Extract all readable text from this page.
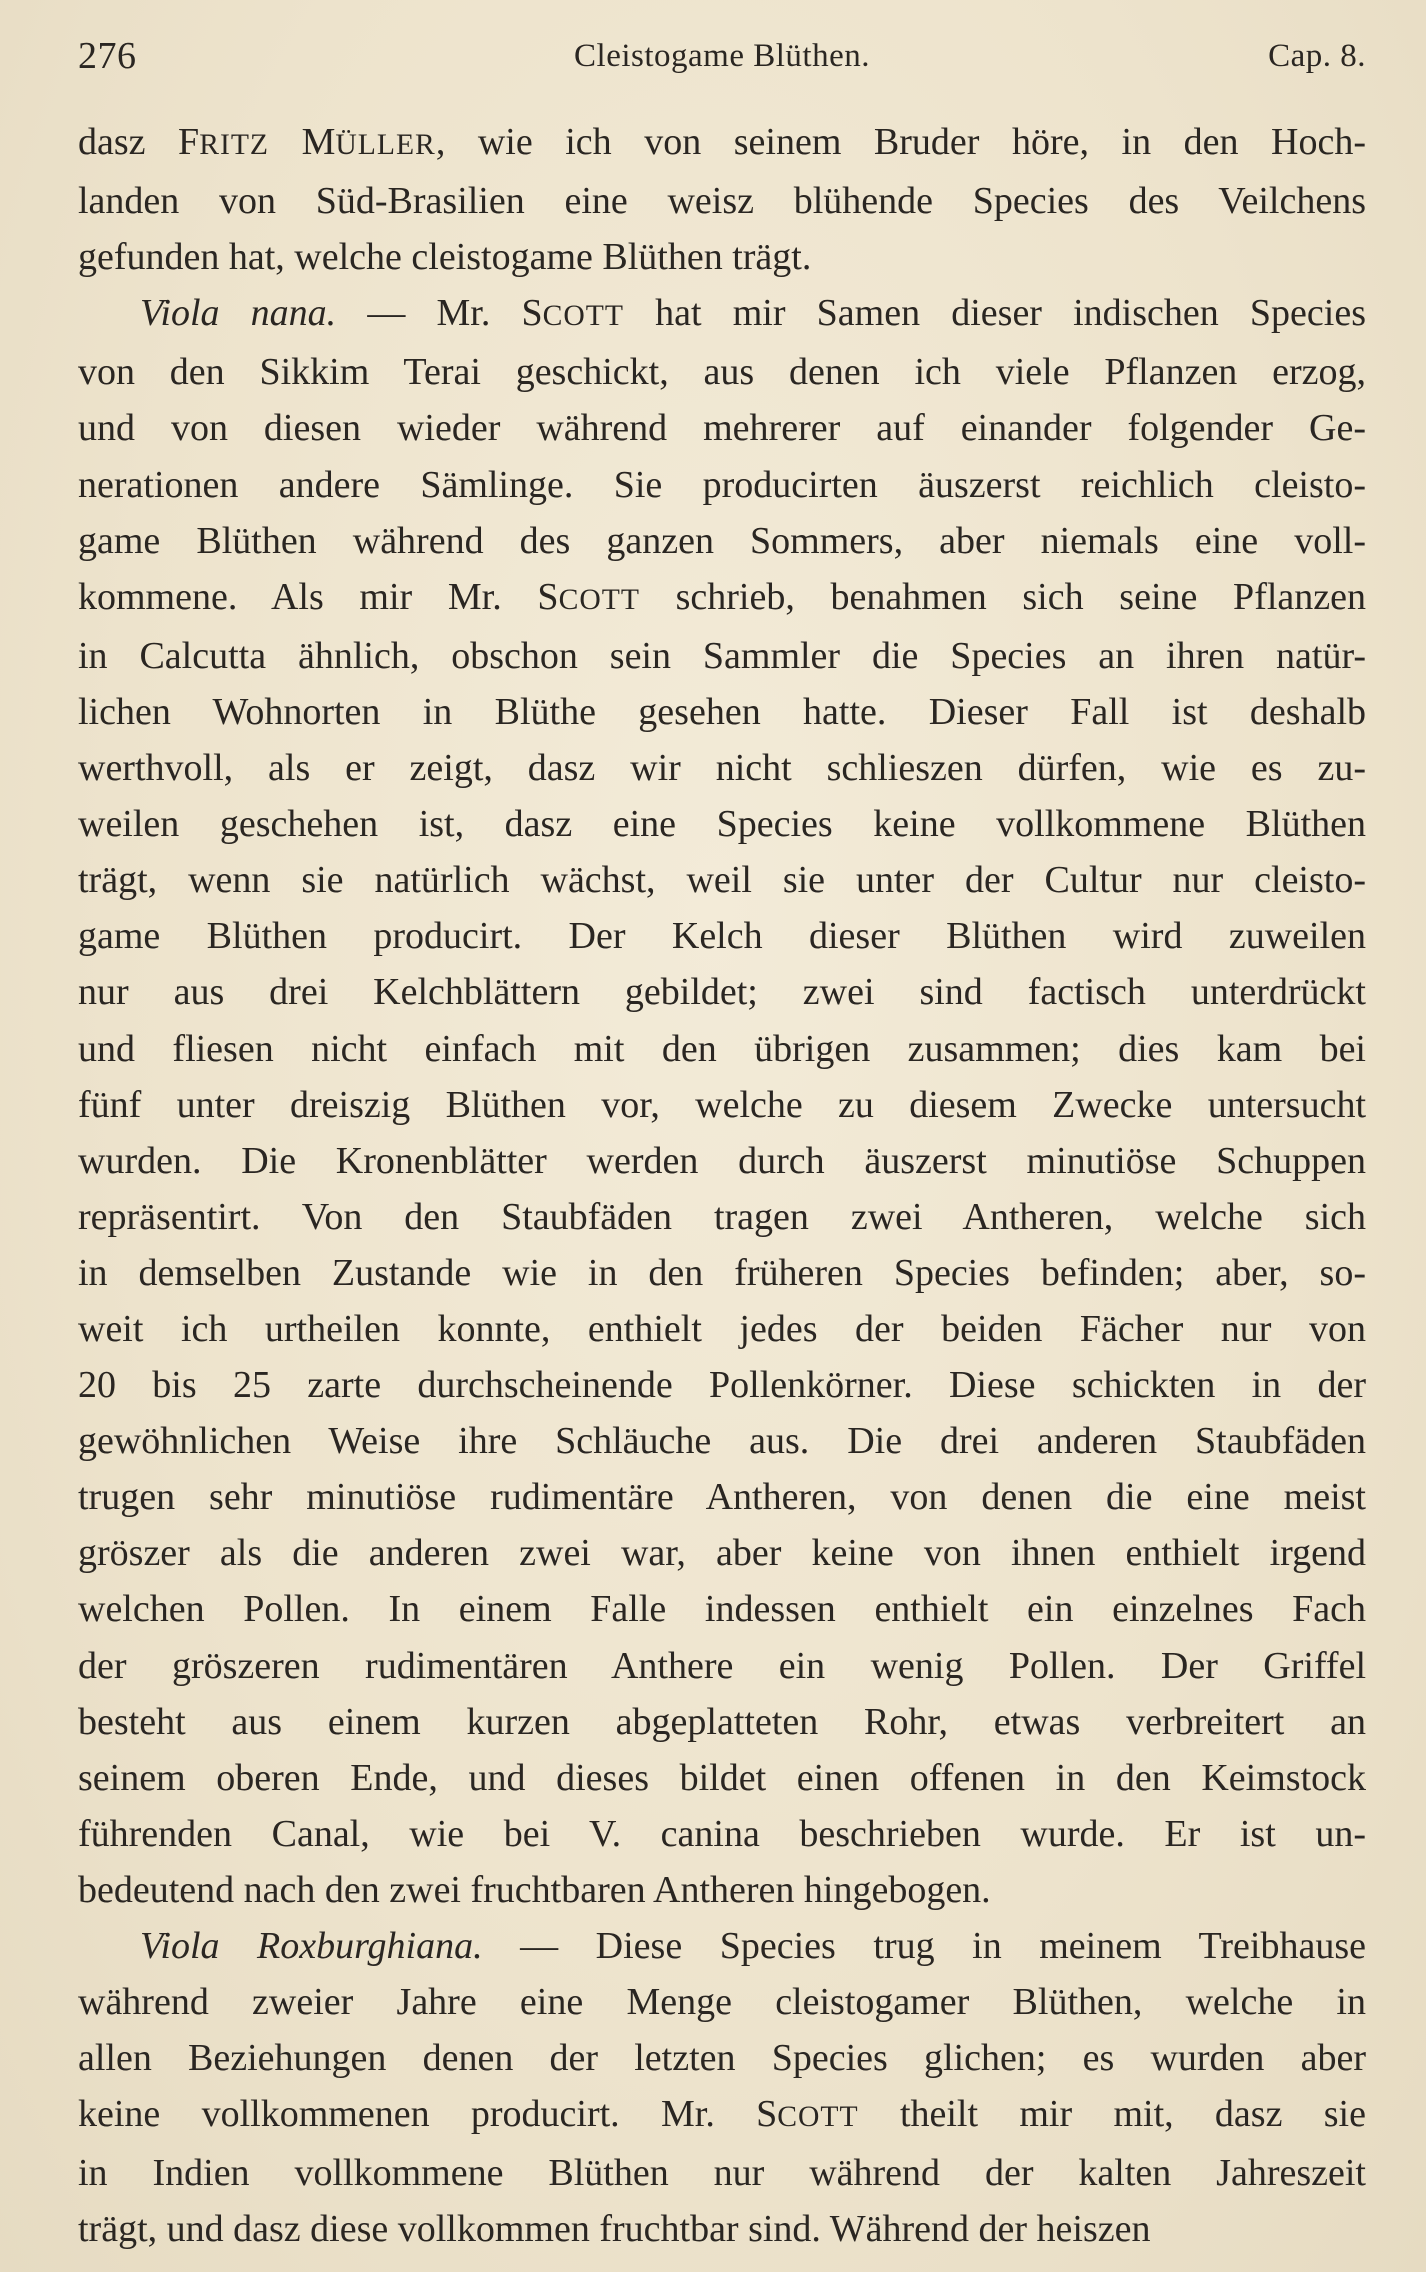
276	Cleistogame Blüthen.	Cap. 8.

dasz FRITZ MÜLLER, wie ich von seinem Bruder höre, in den Hoch-
landen von Süd-Brasilien eine weisz blühende Species des Veilchens
gefunden hat, welche cleistogame Blüthen trägt.

Viola nana. — Mr. SCOTT hat mir Samen dieser indischen Species
von den Sikkim Terai geschickt, aus denen ich viele Pflanzen erzog,
und von diesen wieder während mehrerer auf einander folgender Ge-
nerationen andere Sämlinge. Sie producirten äuszerst reichlich cleisto-
game Blüthen während des ganzen Sommers, aber niemals eine voll-
kommene. Als mir Mr. SCOTT schrieb, benahmen sich seine Pflanzen
in Calcutta ähnlich, obschon sein Sammler die Species an ihren natür-
lichen Wohnorten in Blüthe gesehen hatte. Dieser Fall ist deshalb
werthvoll, als er zeigt, dasz wir nicht schlieszen dürfen, wie es zu-
weilen geschehen ist, dasz eine Species keine vollkommene Blüthen
trägt, wenn sie natürlich wächst, weil sie unter der Cultur nur cleisto-
game Blüthen producirt. Der Kelch dieser Blüthen wird zuweilen
nur aus drei Kelchblättern gebildet; zwei sind factisch unterdrückt
und fliesen nicht einfach mit den übrigen zusammen; dies kam bei
fünf unter dreiszig Blüthen vor, welche zu diesem Zwecke untersucht
wurden. Die Kronenblätter werden durch äuszerst minutiöse Schuppen
repräsentirt. Von den Staubfäden tragen zwei Antheren, welche sich
in demselben Zustande wie in den früheren Species befinden; aber, so-
weit ich urtheilen konnte, enthielt jedes der beiden Fächer nur von
20 bis 25 zarte durchscheinende Pollenkörner. Diese schickten in der
gewöhnlichen Weise ihre Schläuche aus. Die drei anderen Staubfäden
trugen sehr minutiöse rudimentäre Antheren, von denen die eine meist
gröszer als die anderen zwei war, aber keine von ihnen enthielt irgend
welchen Pollen. In einem Falle indessen enthielt ein einzelnes Fach
der gröszeren rudimentären Anthere ein wenig Pollen. Der Griffel
besteht aus einem kurzen abgeplatteten Rohr, etwas verbreitert an
seinem oberen Ende, und dieses bildet einen offenen in den Keimstock
führenden Canal, wie bei V. canina beschrieben wurde. Er ist un-
bedeutend nach den zwei fruchtbaren Antheren hingebogen.

Viola Roxburghiana. — Diese Species trug in meinem Treibhause
während zweier Jahre eine Menge cleistogamer Blüthen, welche in
allen Beziehungen denen der letzten Species glichen; es wurden aber
keine vollkommenen producirt. Mr. SCOTT theilt mir mit, dasz sie
in Indien vollkommene Blüthen nur während der kalten Jahreszeit
trägt, und dasz diese vollkommen fruchtbar sind. Während der heiszen
